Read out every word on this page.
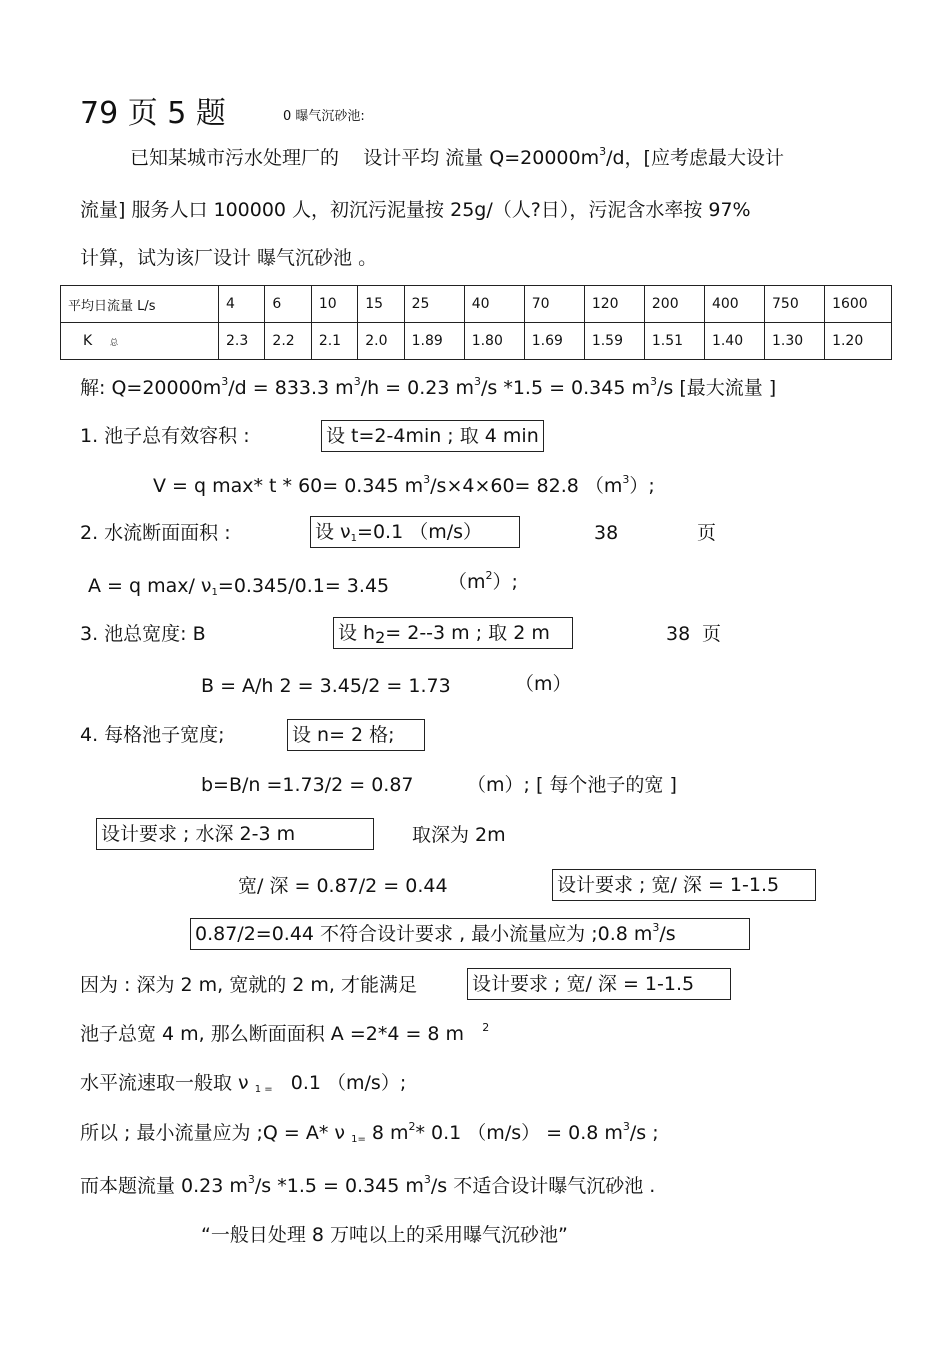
79 页 5 题	0 曝气沉砂池:
已知某城市污水处理厂的 设计平均 流量 $Q=20000m^3/d$，[应考虑最大设计
流量] 服务人口 100000 人，初沉污泥量按 25g/（人?日），污泥含水率按 97%
计算，试为该厂设计 曝气沉砂池 。
平均日流量 L/s	4	6	10	15	25	40	70	120	200	400	750	1600
K 总	2.3	2.2	2.1	2.0	1.89	1.80	1.69	1.59	1.51	1.40	1.30	1.20
解: $Q=20000m^3/d = 833.3$ $m^3/h = 0.23$ $m^3/s$ *1.5 = 0.345 $m^3/s$ [最大流量 ]
1. 池子总有效容积 :	设 t=2-4min ; 取 4 min
V = q max* t * 60= 0.345 $m^3/s\times 4\times 60= 82.8$ $(m^3)$;
2. 水流断面面积 :	设 $\nu_1=0.1$ （m/s）	38	页
A = q max/ $\nu_1=0.345/0.1= 3.45$	$(m^2)$;
3. 池总宽度: B	设 $h_2= 2--3$ m ; 取 2 m	38 页
B = A/h 2 = 3.45/2 = 1.73	（m）
4. 每格池子宽度;	设 n= 2 格;
b=B/n =1.73/2 = 0.87	（m）; [ 每个池子的宽 ]
设计要求 ; 水深 2-3 m	取深为 2m
宽/ 深 = 0.87/2 = 0.44	设计要求 ; 宽/ 深 = 1-1.5
0.87/2=0.44 不符合设计要求 , 最小流量应为 ;0.8 $m^3/s$
因为 : 深为 2 m, 宽就的 2 m, 才能满足	设计要求 ; 宽/ 深 = 1-1.5
池子总宽 4 m, 那么断面面积 A =2*4 = 8 m $^2$
水平流速取一般取 ν $_{1 =}$ 0.1 （m/s）;
所以 ; 最小流量应为 ;Q = A* ν $_{1=}$ 8 $m^2*$ 0.1 （m/s） = 0.8 $m^3/s$ ;
而本题流量 0.23 $m^3/s$ *1.5 = 0.345 $m^3/s$ 不适合设计曝气沉砂池 .
“一般日处理 8 万吨以上的采用曝气沉砂池”
